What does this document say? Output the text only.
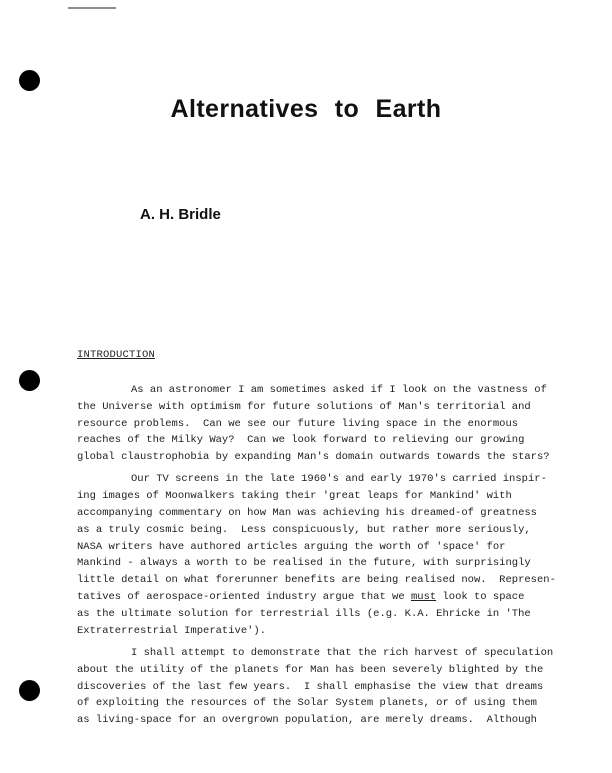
Alternatives to Earth
A. H. Bridle
INTRODUCTION
As an astronomer I am sometimes asked if I look on the vastness of
the Universe with optimism for future solutions of Man's territorial and
resource problems.  Can we see our future living space in the enormous
reaches of the Milky Way?  Can we look forward to relieving our growing
global claustrophobia by expanding Man's domain outwards towards the stars?
Our TV screens in the late 1960's and early 1970's carried inspir-
ing images of Moonwalkers taking their 'great leaps for Mankind' with
accompanying commentary on how Man was achieving his dreamed-of greatness
as a truly cosmic being.  Less conspicuously, but rather more seriously,
NASA writers have authored articles arguing the worth of 'space' for
Mankind - always a worth to be realised in the future, with surprisingly
little detail on what forerunner benefits are being realised now.  Represen-
tatives of aerospace-oriented industry argue that we must look to space
as the ultimate solution for terrestrial ills (e.g. K.A. Ehricke in 'The
Extraterrestrial Imperative').
I shall attempt to demonstrate that the rich harvest of speculation
about the utility of the planets for Man has been severely blighted by the
discoveries of the last few years.  I shall emphasise the view that dreams
of exploiting the resources of the Solar System planets, or of using them
as living-space for an overgrown population, are merely dreams.  Although
